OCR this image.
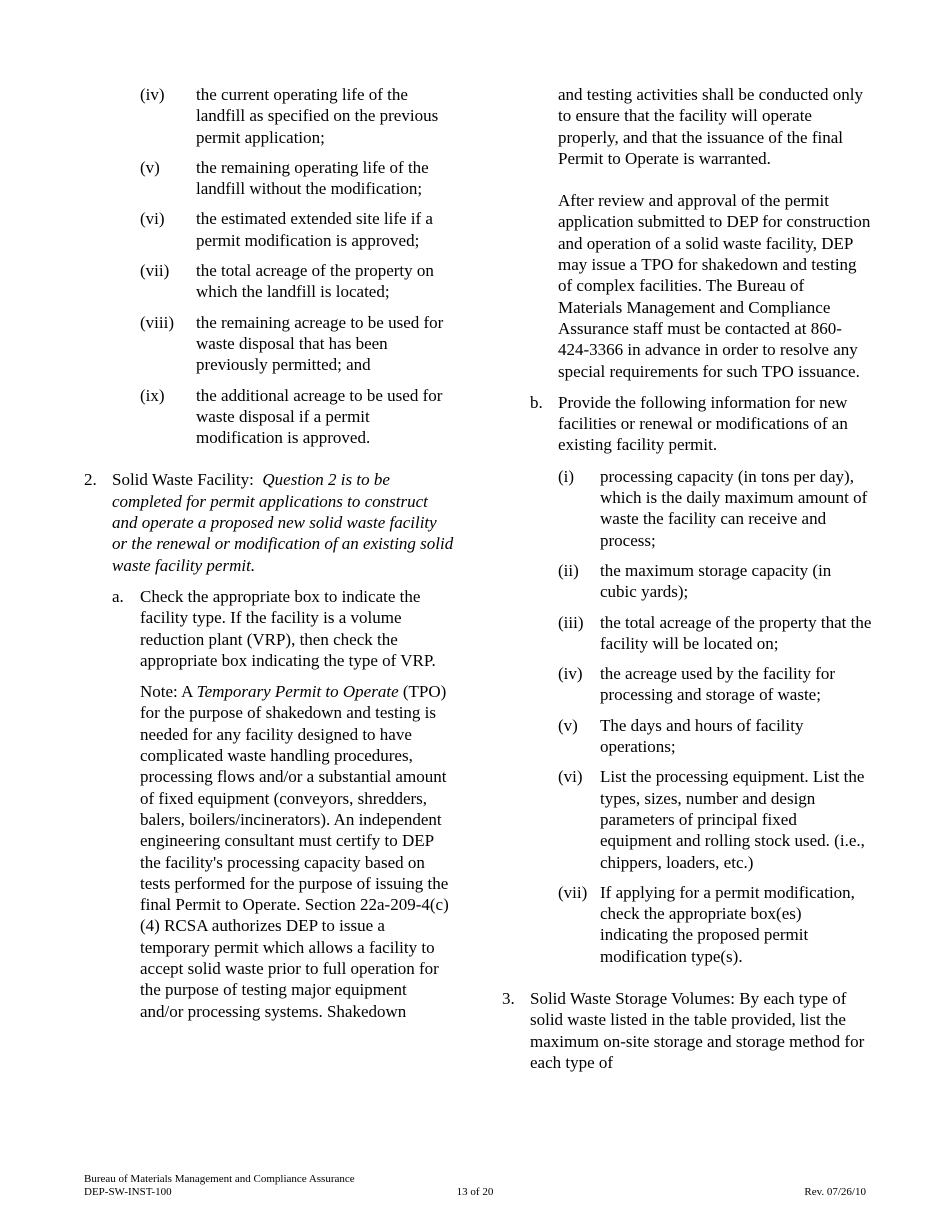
(iv)	the current operating life of the landfill as specified on the previous permit application;
(v)	the remaining operating life of the landfill without the modification;
(vi)	the estimated extended site life if a permit modification is approved;
(vii)	the total acreage of the property on which the landfill is located;
(viii)	the remaining acreage to be used for waste disposal that has been previously permitted; and
(ix)	the additional acreage to be used for waste disposal if a permit modification is approved.
2. Solid Waste Facility: Question 2 is to be completed for permit applications to construct and operate a proposed new solid waste facility or the renewal or modification of an existing solid waste facility permit.
a. Check the appropriate box to indicate the facility type. If the facility is a volume reduction plant (VRP), then check the appropriate box indicating the type of VRP.
Note: A Temporary Permit to Operate (TPO) for the purpose of shakedown and testing is needed for any facility designed to have complicated waste handling procedures, processing flows and/or a substantial amount of fixed equipment (conveyors, shredders, balers, boilers/incinerators). An independent engineering consultant must certify to DEP the facility's processing capacity based on tests performed for the purpose of issuing the final Permit to Operate. Section 22a-209-4(c)(4) RCSA authorizes DEP to issue a temporary permit which allows a facility to accept solid waste prior to full operation for the purpose of testing major equipment and/or processing systems. Shakedown
and testing activities shall be conducted only to ensure that the facility will operate properly, and that the issuance of the final Permit to Operate is warranted.
After review and approval of the permit application submitted to DEP for construction and operation of a solid waste facility, DEP may issue a TPO for shakedown and testing of complex facilities. The Bureau of Materials Management and Compliance Assurance staff must be contacted at 860-424-3366 in advance in order to resolve any special requirements for such TPO issuance.
b. Provide the following information for new facilities or renewal or modifications of an existing facility permit.
(i)	processing capacity (in tons per day), which is the daily maximum amount of waste the facility can receive and process;
(ii)	the maximum storage capacity (in cubic yards);
(iii) the total acreage of the property that the facility will be located on;
(iv)	the acreage used by the facility for processing and storage of waste;
(v)	The days and hours of facility operations;
(vi)	List the processing equipment. List the types, sizes, number and design parameters of principal fixed equipment and rolling stock used. (i.e., chippers, loaders, etc.)
(vii) If applying for a permit modification, check the appropriate box(es) indicating the proposed permit modification type(s).
3. Solid Waste Storage Volumes: By each type of solid waste listed in the table provided, list the maximum on-site storage and storage method for each type of
Bureau of Materials Management and Compliance Assurance
DEP-SW-INST-100	13 of 20	Rev. 07/26/10
